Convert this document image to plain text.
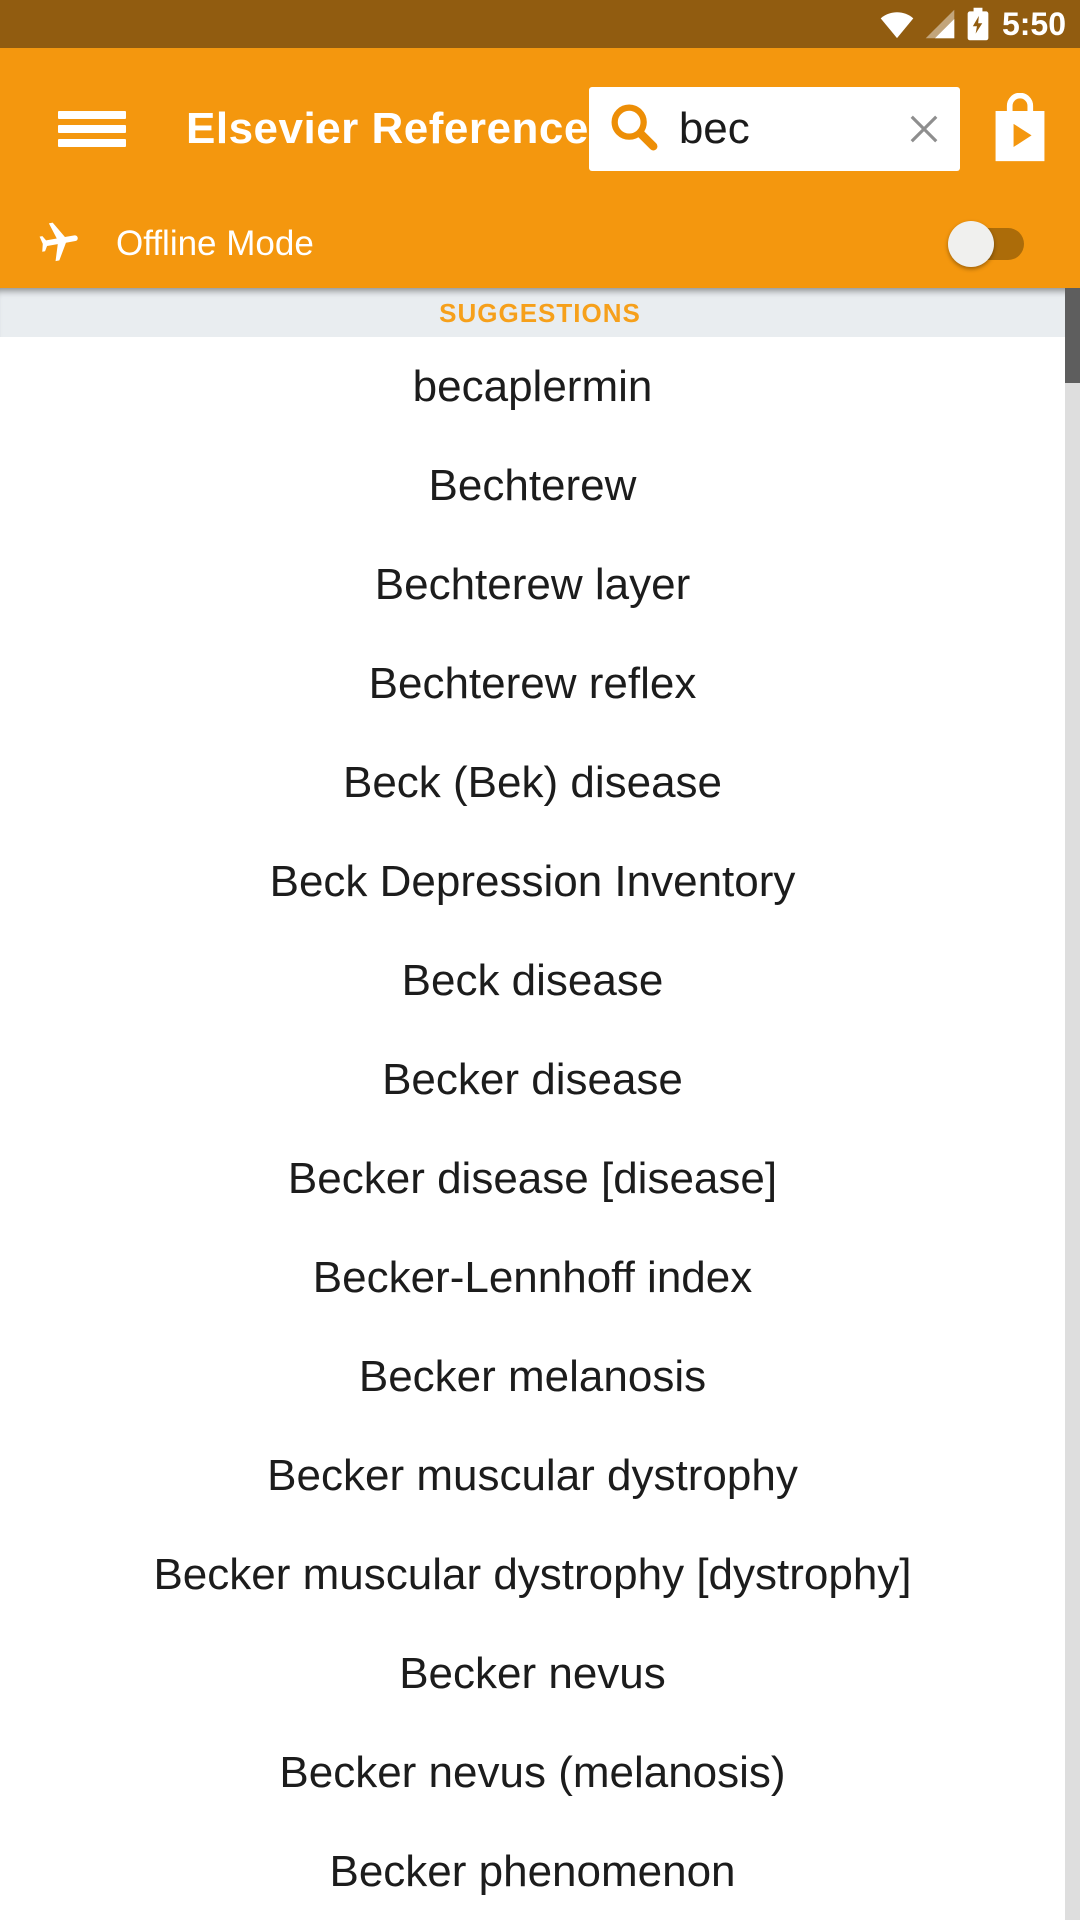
5:50
Elsevier Reference bec
Offline Mode
SUGGESTIONS
becaplermin
Bechterew
Bechterew layer
Bechterew reflex
Beck (Bek) disease
Beck Depression Inventory
Beck disease
Becker disease
Becker disease [disease]
Becker-Lennhoff index
Becker melanosis
Becker muscular dystrophy
Becker muscular dystrophy [dystrophy]
Becker nevus
Becker nevus (melanosis)
Becker phenomenon
